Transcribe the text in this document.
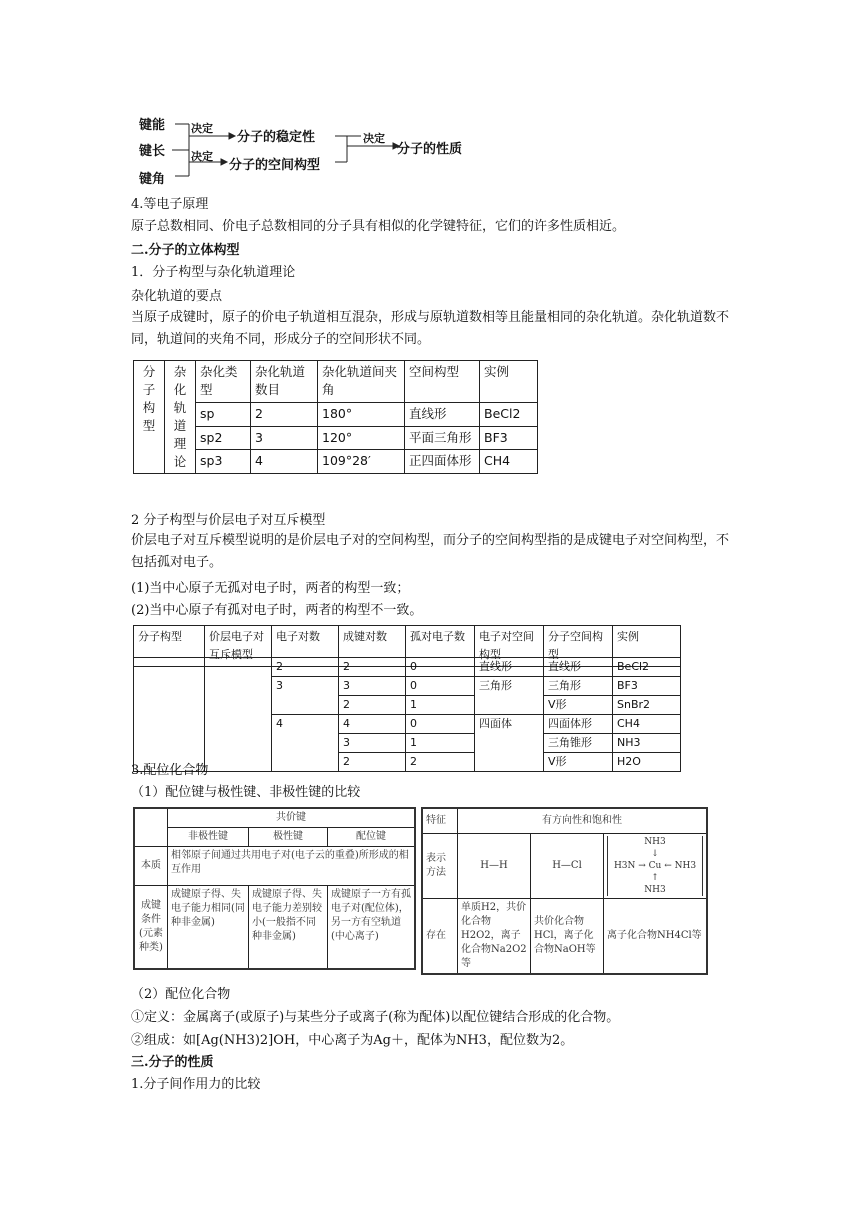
键能
键长
键角
决定
决定
分子的稳定性
分子的空间构型
决定
分子的性质
4.等电子原理
原子总数相同、价电子总数相同的分子具有相似的化学键特征，它们的许多性质相近。
二.分子的立体构型
1．分子构型与杂化轨道理论
杂化轨道的要点
当原子成键时，原子的价电子轨道相互混杂，形成与原轨道数相等且能量相同的杂化轨道。杂化轨道数不同，轨道间的夹角不同，形成分子的空间形状不同。
分子构型	杂化轨道理论	杂化类型	杂化轨道数目	杂化轨道间夹角	空间构型	实例
		sp	2	180°	直线形	BeCl2
		sp2	3	120°	平面三角形	BF3
		sp3	4	109°28′	正四面体形	CH4
2 分子构型与价层电子对互斥模型
价层电子对互斥模型说明的是价层电子对的空间构型，而分子的空间构型指的是成键电子对空间构型，不包括孤对电子。
(1)当中心原子无孤对电子时，两者的构型一致；
(2)当中心原子有孤对电子时，两者的构型不一致。
分子构型	价层电子对互斥模型	电子对数	成键对数	孤对电子数	电子对空间构型	分子空间构型	实例
		2	2	0	直线形	直线形	BeCl2
		3	3	0	三角形	三角形	BF3
			2	1		V形	SnBr2
		4	4	0	四面体	四面体形	CH4
			3	1		三角锥形	NH3
			2	2		V形	H2O
3.配位化合物
（1）配位键与极性键、非极性键的比较
	共价键		
	非极性键	极性键	配位键
本质	相邻原子间通过共用电子对(电子云的重叠)所形成的相互作用		
成键条件(元素种类)	成键原子得、失电子能力相同(同种非金属)	成键原子得、失电子能力差别较小(一般指不同种非金属)	成键原子一方有孤电子对(配位体)，另一方有空轨道(中心离子)
特征	有方向性和饱和性		
表示方法	H—H	H—Cl	NH3
↓
H3N → Cu ← NH3
↑
NH3

存在	单质H2，共价化合物H2O2，离子化合物Na2O2等	共价化合物HCl，离子化合物NaOH等	离子化合物NH4Cl等
（2）配位化合物
①定义：金属离子(或原子)与某些分子或离子(称为配体)以配位键结合形成的化合物。
②组成：如[Ag(NH3)2]OH，中心离子为Ag＋，配体为NH3，配位数为2。
三.分子的性质
1.分子间作用力的比较
